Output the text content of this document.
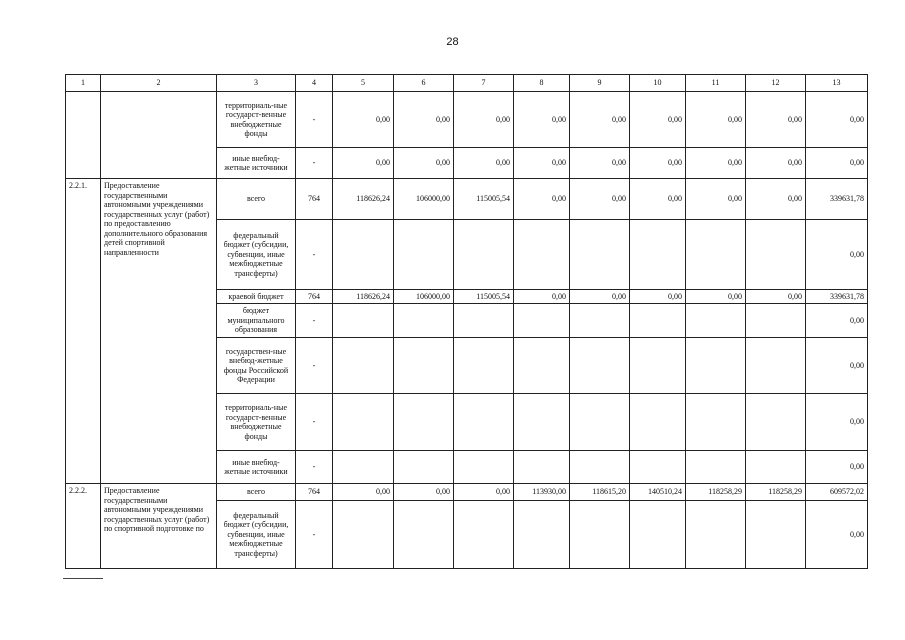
28
1	2	3	4	5	6	7	8	9	10	11	12	13
		территориаль-ные государст-венные внебюджетные фонды	-	0,00	0,00	0,00	0,00	0,00	0,00	0,00	0,00	0,00
		иные внебюд-жетные источники	-	0,00	0,00	0,00	0,00	0,00	0,00	0,00	0,00	0,00
2.2.1.	Предоставление государственными автономными учреждениями государственных услуг (работ) по предоставлению дополнительного образования детей спортивной направленности	всего	764	118626,24	106000,00	115005,54	0,00	0,00	0,00	0,00	0,00	339631,78
		федеральный бюджет (субсидии, субвенции, иные межбюджетные трансферты)	-									0,00
		краевой бюджет	764	118626,24	106000,00	115005,54	0,00	0,00	0,00	0,00	0,00	339631,78
		бюджет муниципального образования	-									0,00
		государствен-ные внебюд-жетные фонды Российской Федерации	-									0,00
		территориаль-ные государст-венные внебюджетные фонды	-									0,00
		иные внебюд-жетные источники	-									0,00
2.2.2.	Предоставление государственными автономными учреждениями государственных услуг (работ) по спортивной подготовке по	всего	764	0,00	0,00	0,00	113930,00	118615,20	140510,24	118258,29	118258,29	609572,02
		федеральный бюджет (субсидии, субвенции, иные межбюджетные трансферты)	-									0,00
